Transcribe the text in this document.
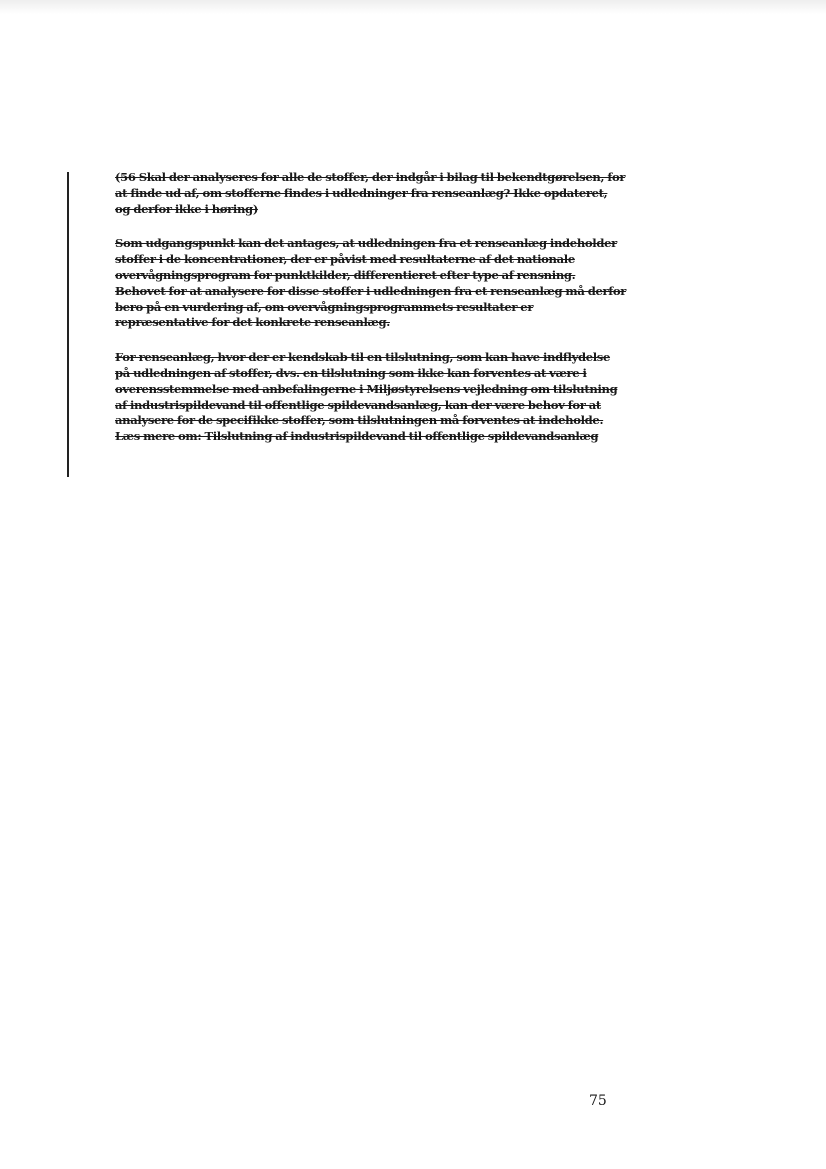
(56 Skal der analyseres for alle de stoffer, der indgår i bilag til bekendtgørelsen, for
at finde ud af, om stofferne findes i udledninger fra renseanlæg? Ikke opdateret,
og derfor ikke i høring)

Som udgangspunkt kan det antages, at udledningen fra et renseanlæg indeholder
stoffer i de koncentrationer, der er påvist med resultaterne af det nationale
overvågningsprogram for punktkilder, differentieret efter type af rensning.
Behovet for at analysere for disse stoffer i udledningen fra et renseanlæg må derfor
bero på en vurdering af, om overvågningsprogrammets resultater er
repræsentative for det konkrete renseanlæg.

For renseanlæg, hvor der er kendskab til en tilslutning, som kan have indflydelse
på udledningen af stoffer, dvs. en tilslutning som ikke kan forventes at være i
overensstemmelse med anbefalingerne i Miljøstyrelsens vejledning om tilslutning
af industrispildevand til offentlige spildevandsanlæg, kan der være behov for at
analysere for de specifikke stoffer, som tilslutningen må forventes at indeholde.
Læs mere om: Tilslutning af industrispildevand til offentlige spildevandsanlæg

75
